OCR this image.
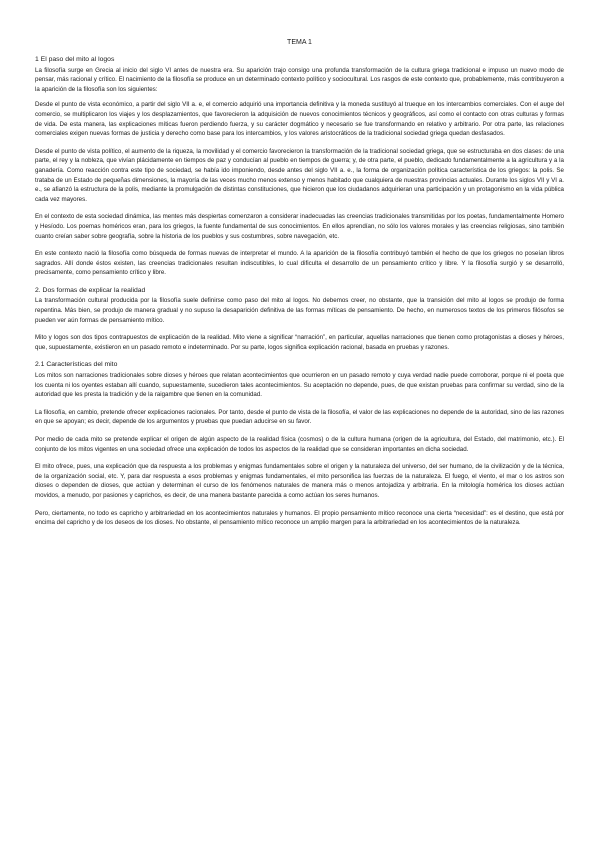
TEMA 1
1 El paso del mito al logos

La filosofía surge en Grecia al inicio del siglo VI antes de nuestra era. Su aparición trajo consigo una profunda transformación de la cultura griega tradicional e impuso un nuevo modo de pensar, más racional y crítico. El nacimiento de la filosofía se produce en un determinado contexto político y sociocultural. Los rasgos de este contexto que, probablemente, más contribuyeron a la aparición de la filosofía son los siguientes:

Desde el punto de vista económico, a partir del siglo VII a. e, el comercio adquirió una importancia definitiva y la moneda sustituyó al trueque en los intercambios comerciales. Con el auge del comercio, se multiplicaron los viajes y los desplazamientos, que favorecieron la adquisición de nuevos conocimientos técnicos y geográficos, así como el contacto con otras culturas y formas de vida. De esta manera, las explicaciones míticas fueron perdiendo fuerza, y su carácter dogmático y necesario se fue transformando en relativo y arbitrario. Por otra parte, las relaciones comerciales exigen nuevas formas de justicia y derecho como base para los intercambios, y los valores aristocráticos de la tradicional sociedad griega quedan desfasados.

Desde el punto de vista político, el aumento de la riqueza, la movilidad y el comercio favorecieron la transformación de la tradicional sociedad griega, que se estructuraba en dos clases: de una parte, el rey y la nobleza, que vivían plácidamente en tiempos de paz y conducían al pueblo en tiempos de guerra; y, de otra parte, el pueblo, dedicado fundamentalmente a la agricultura y a la ganadería. Como reacción contra este tipo de sociedad, se había ido imponiendo, desde antes del siglo VII a. e., la forma de organización política característica de los griegos: la polis. Se trataba de un Estado de pequeñas dimensiones, la mayoría de las veces mucho menos extenso y menos habitado que cualquiera de nuestras provincias actuales. Durante los siglos VII y VI a. e., se afianzó la estructura de la polis, mediante la promulgación de distintas constituciones, que hicieron que los ciudadanos adquirieran una participación y un protagonismo en la vida pública cada vez mayores.

En el contexto de esta sociedad dinámica, las mentes más despiertas comenzaron a considerar inadecuadas las creencias tradicionales transmitidas por los poetas, fundamentalmente Homero y Hesíodo. Los poemas homéricos eran, para los griegos, la fuente fundamental de sus conocimientos. En ellos aprendían, no sólo los valores morales y las creencias religiosas, sino también cuanto creían saber sobre geografía, sobre la historia de los pueblos y sus costumbres, sobre navegación, etc.

En este contexto nació la filosofía como búsqueda de formas nuevas de interpretar el mundo. A la aparición de la filosofía contribuyó también el hecho de que los griegos no poseían libros sagrados. Allí donde éstos existen, las creencias tradicionales resultan indiscutibles, lo cual dificulta el desarrollo de un pensamiento crítico y libre. Y la filosofía surgió y se desarrolló, precisamente, como pensamiento crítico y libre.

2. Dos formas de explicar la realidad

La transformación cultural producida por la filosofía suele definirse como paso del mito al logos. No debemos creer, no obstante, que la transición del mito al logos se produjo de forma repentina. Más bien, se produjo de manera gradual y no supuso la desaparición definitiva de las formas míticas de pensamiento. De hecho, en numerosos textos de los primeros filósofos se pueden ver aún formas de pensamiento mítico.

Mito y logos son dos tipos contrapuestos de explicación de la realidad. Mito viene a significar “narración”, en particular, aquellas narraciones que tienen como protagonistas a dioses y héroes, que, supuestamente, existieron en un pasado remoto e indeterminado. Por su parte, logos significa explicación racional, basada en pruebas y razones.

2.1 Características del mito

Los mitos son narraciones tradicionales sobre dioses y héroes que relatan acontecimientos que ocurrieron en un pasado remoto y cuya verdad nadie puede corroborar, porque ni el poeta que los cuenta ni los oyentes estaban allí cuando, supuestamente, sucedieron tales acontecimientos. Su aceptación no depende, pues, de que existan pruebas para confirmar su verdad, sino de la autoridad que les presta la tradición y de la raigambre que tienen en la comunidad.

La filosofía, en cambio, pretende ofrecer explicaciones racionales. Por tanto, desde el punto de vista de la filosofía, el valor de las explicaciones no depende de la autoridad, sino de las razones en que se apoyan; es decir, depende de los argumentos y pruebas que puedan aducirse en su favor.

Por medio de cada mito se pretende explicar el origen de algún aspecto de la realidad física (cosmos) o de la cultura humana (origen de la agricultura, del Estado, del matrimonio, etc.). El conjunto de los mitos vigentes en una sociedad ofrece una explicación de todos los aspectos de la realidad que se consideran importantes en dicha sociedad.

El mito ofrece, pues, una explicación que da respuesta a los problemas y enigmas fundamentales sobre el origen y la naturaleza del universo, del ser humano, de la civilización y de la técnica, de la organización social, etc. Y, para dar respuesta a esos problemas y enigmas fundamentales, el mito personifica las fuerzas de la naturaleza. El fuego, el viento, el mar o los astros son dioses o dependen de dioses, que actúan y determinan el curso de los fenómenos naturales de manera más o menos antojadiza y arbitraria. En la mitología homérica los dioses actúan movidos, a menudo, por pasiones y caprichos, es decir, de una manera bastante parecida a como actúan los seres humanos.

Pero, ciertamente, no todo es capricho y arbitrariedad en los acontecimientos naturales y humanos. El propio pensamiento mítico reconoce una cierta “necesidad”: es el destino, que está por encima del capricho y de los deseos de los dioses. No obstante, el pensamiento mítico reconoce un amplio margen para la arbitrariedad en los acontecimientos de la naturaleza.
